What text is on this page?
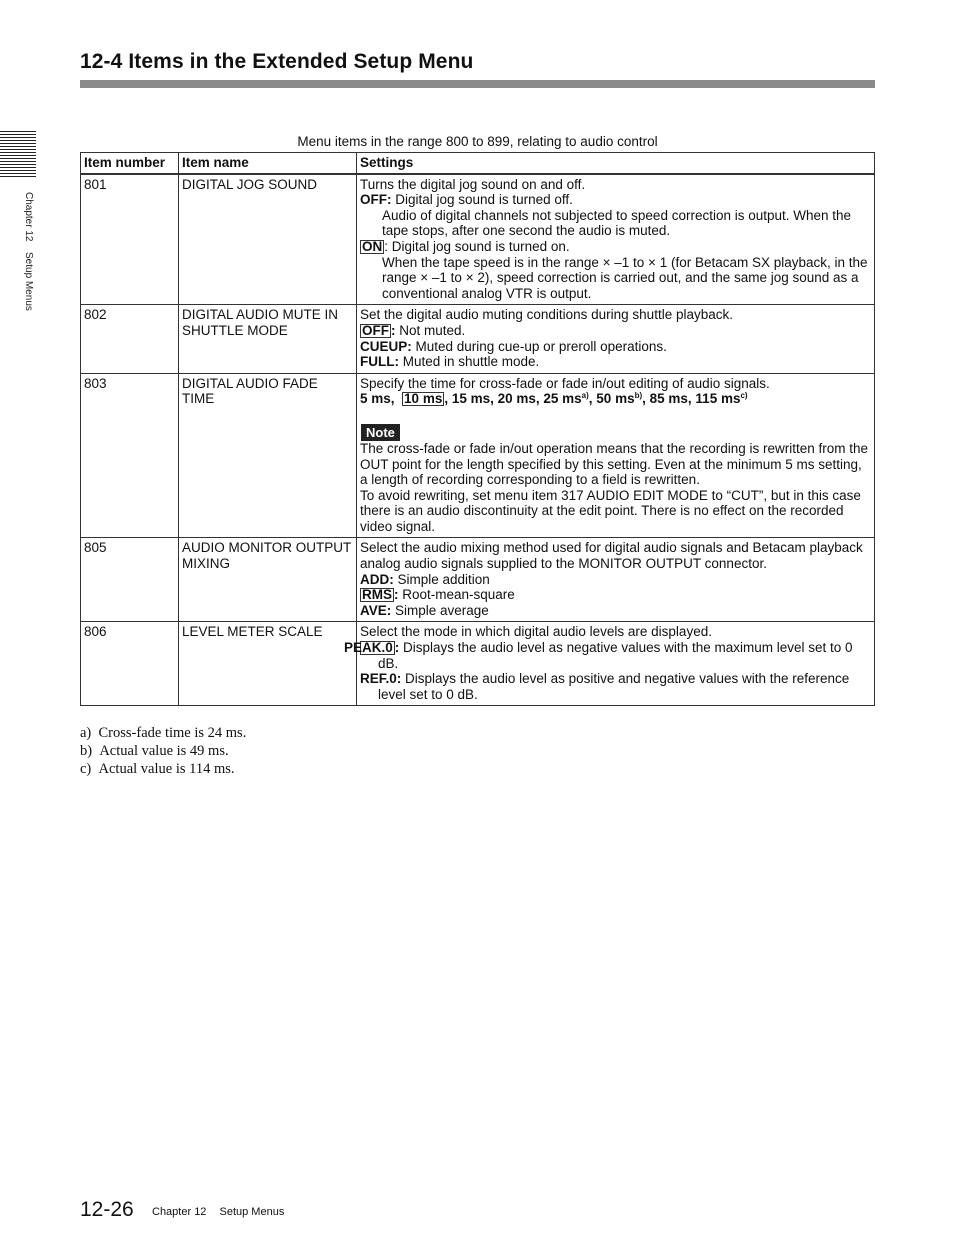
12-4 Items in the Extended Setup Menu
Chapter 12 Setup Menus
Menu items in the range 800 to 899, relating to audio control
Item number	Item name	Settings
801	DIGITAL JOG SOUND	Turns the digital jog sound on and off.
OFF: Digital jog sound is turned off.
Audio of digital channels not subjected to speed correction is output. When the tape stops, after one second the audio is muted.
ON : Digital jog sound is turned on.
When the tape speed is in the range × –1 to × 1 (for Betacam SX playback, in the range × –1 to × 2), speed correction is carried out, and the same jog sound as a conventional analog VTR is output.

802	DIGITAL AUDIO MUTE IN SHUTTLE MODE	Set the digital audio muting conditions during shuttle playback.
OFF : Not muted.
CUEUP: Muted during cue-up or preroll operations.
FULL: Muted in shuttle mode.

803	DIGITAL AUDIO FADE TIME	Specify the time for cross-fade or fade in/out editing of audio signals.
5 ms, 10 ms , 15 ms, 20 ms, 25 $ms^{a)}$, 50 $ms^{b)}$, 85 ms, 115 $ms^{c)}$
Note
The cross-fade or fade in/out operation means that the recording is rewritten from the OUT point for the length specified by this setting. Even at the minimum 5 ms setting, a length of recording corresponding to a field is rewritten.
To avoid rewriting, set menu item 317 AUDIO EDIT MODE to “CUT”, but in this case there is an audio discontinuity at the edit point. There is no effect on the recorded video signal.

805	AUDIO MONITOR OUTPUT MIXING	Select the audio mixing method used for digital audio signals and Betacam playback analog audio signals supplied to the MONITOR OUTPUT connector.
ADD: Simple addition
RMS : Root-mean-square
AVE: Simple average

806	LEVEL METER SCALE	Select the mode in which digital audio levels are displayed.
PEAK.0 : Displays the audio level as negative values with the maximum level set to 0 dB.
REF.0: Displays the audio level as positive and negative values with the reference level set to 0 dB.
a)  Cross-fade time is 24 ms.
b)  Actual value is 49 ms.
c)  Actual value is 114 ms.
12-26 Chapter 12 Setup Menus
